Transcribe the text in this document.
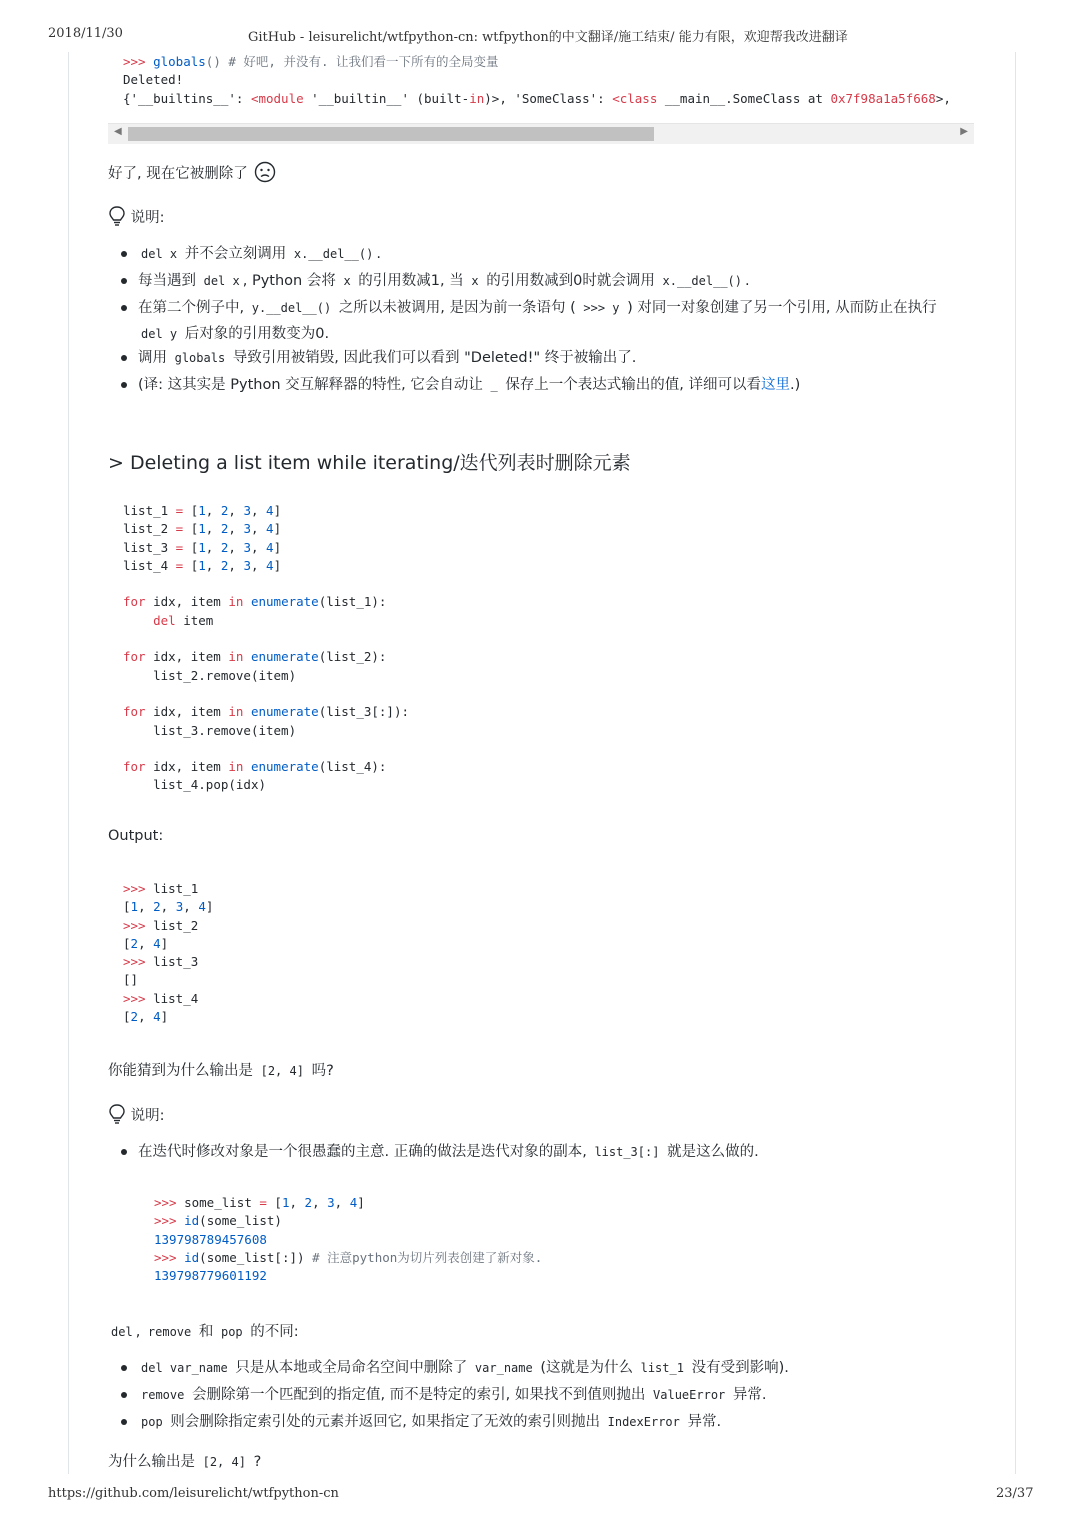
2018/11/30	GitHub - leisurelicht/wtfpython-cn: wtfpython的中文翻译/施工结束/ 能力有限，欢迎帮我改进翻译
https://github.com/leisurelicht/wtfpython-cn	23/37
>>> globals() # 好吧, 并没有. 让我们看一下所有的全局变量
Deleted!
{'__builtins__': <module '__builtin__' (built-in)>, 'SomeClass': <class __main__.SomeClass at 0x7f98a1a5f668>,
◀	▶
好了, 现在它被删除了
说明:
del x 并不会立刻调用 x.__del__() .
每当遇到 del x , Python 会将 x 的引用数减1, 当 x 的引用数减到0时就会调用 x.__del__() .
在第二个例子中, y.__del__() 之所以未被调用, 是因为前一条语句 ( >>> y ) 对同一对象创建了另一个引用, 从而防止在执行
del y 后对象的引用数变为0.
调用 globals 导致引用被销毁, 因此我们可以看到 "Deleted!" 终于被输出了.
(译: 这其实是 Python 交互解释器的特性, 它会自动让 _ 保存上一个表达式输出的值, 详细可以看这里.)
> Deleting a list item while iterating/迭代列表时删除元素
list_1 = [1, 2, 3, 4]
list_2 = [1, 2, 3, 4]
list_3 = [1, 2, 3, 4]
list_4 = [1, 2, 3, 4]

for idx, item in enumerate(list_1):
del item

for idx, item in enumerate(list_2):
list_2.remove(item)

for idx, item in enumerate(list_3[:]):
list_3.remove(item)

for idx, item in enumerate(list_4):
list_4.pop(idx)
Output:
>>> list_1
[1, 2, 3, 4]
>>> list_2
[2, 4]
>>> list_3
[]
>>> list_4
[2, 4]
你能猜到为什么输出是 [2, 4] 吗?
说明:
在迭代时修改对象是一个很愚蠢的主意. 正确的做法是迭代对象的副本, list_3[:] 就是这么做的.
>>> some_list = [1, 2, 3, 4]
>>> id(some_list)
139798789457608
>>> id(some_list[:]) # 注意python为切片列表创建了新对象.
139798779601192
del , remove 和 pop 的不同:
del var_name 只是从本地或全局命名空间中删除了 var_name (这就是为什么 list_1 没有受到影响).
remove 会删除第一个匹配到的指定值, 而不是特定的索引, 如果找不到值则抛出 ValueError 异常.
pop 则会删除指定索引处的元素并返回它, 如果指定了无效的索引则抛出 IndexError 异常.
为什么输出是 [2, 4] ?
